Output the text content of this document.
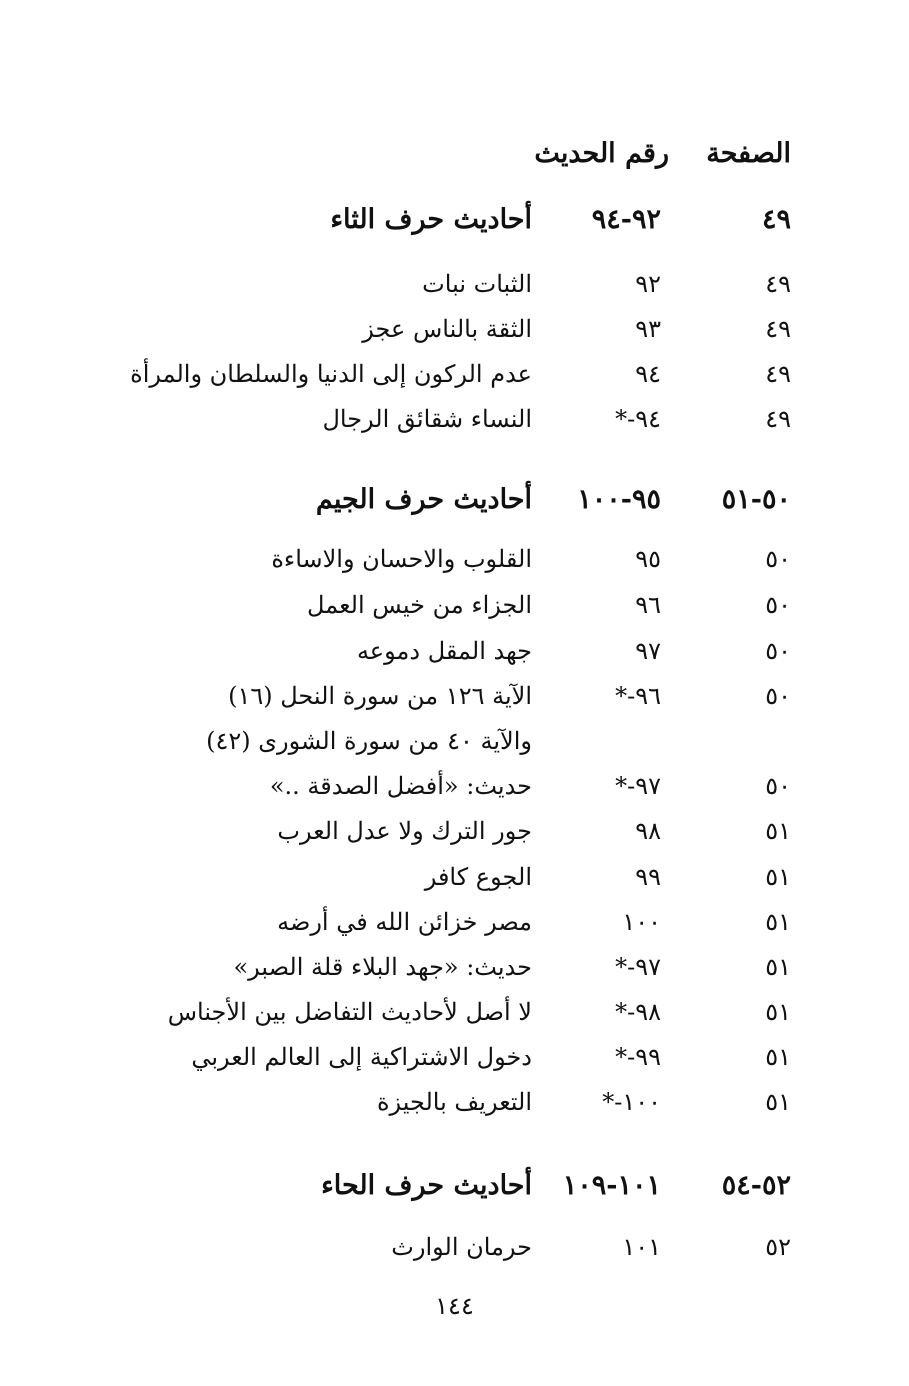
الصفحة
رقم الحديث
٤٩
٩٢-٩٤
أحاديث حرف الثاء
٤٩
٩٢
الثبات نبات
٤٩
٩٣
الثقة بالناس عجز
٤٩
٩٤
عدم الركون إلى الدنيا والسلطان والمرأة
٤٩
٩٤-*
النساء شقائق الرجال
٥٠-٥١
٩٥-١٠٠
أحاديث حرف الجيم
٥٠
٩٥
القلوب والاحسان والاساءة
٥٠
٩٦
الجزاء من خيس العمل
٥٠
٩٧
جهد المقل دموعه
٥٠
٩٦-*
الآية ١٢٦ من سورة النحل (١٦)
والآية ٤٠ من سورة الشورى (٤٢)
٥٠
٩٧-*
حديث: «أفضل الصدقة ..»
٥١
٩٨
جور الترك ولا عدل العرب
٥١
٩٩
الجوع كافر
٥١
١٠٠
مصر خزائن الله في أرضه
٥١
٩٧-*
حديث: «جهد البلاء قلة الصبر»
٥١
٩٨-*
لا أصل لأحاديث التفاضل بين الأجناس
٥١
٩٩-*
دخول الاشتراكية إلى العالم العربي
٥١
١٠٠-*
التعريف بالجيزة
٥٢-٥٤
١٠١-١٠٩
أحاديث حرف الحاء
٥٢
١٠١
حرمان الوارث
١٤٤
